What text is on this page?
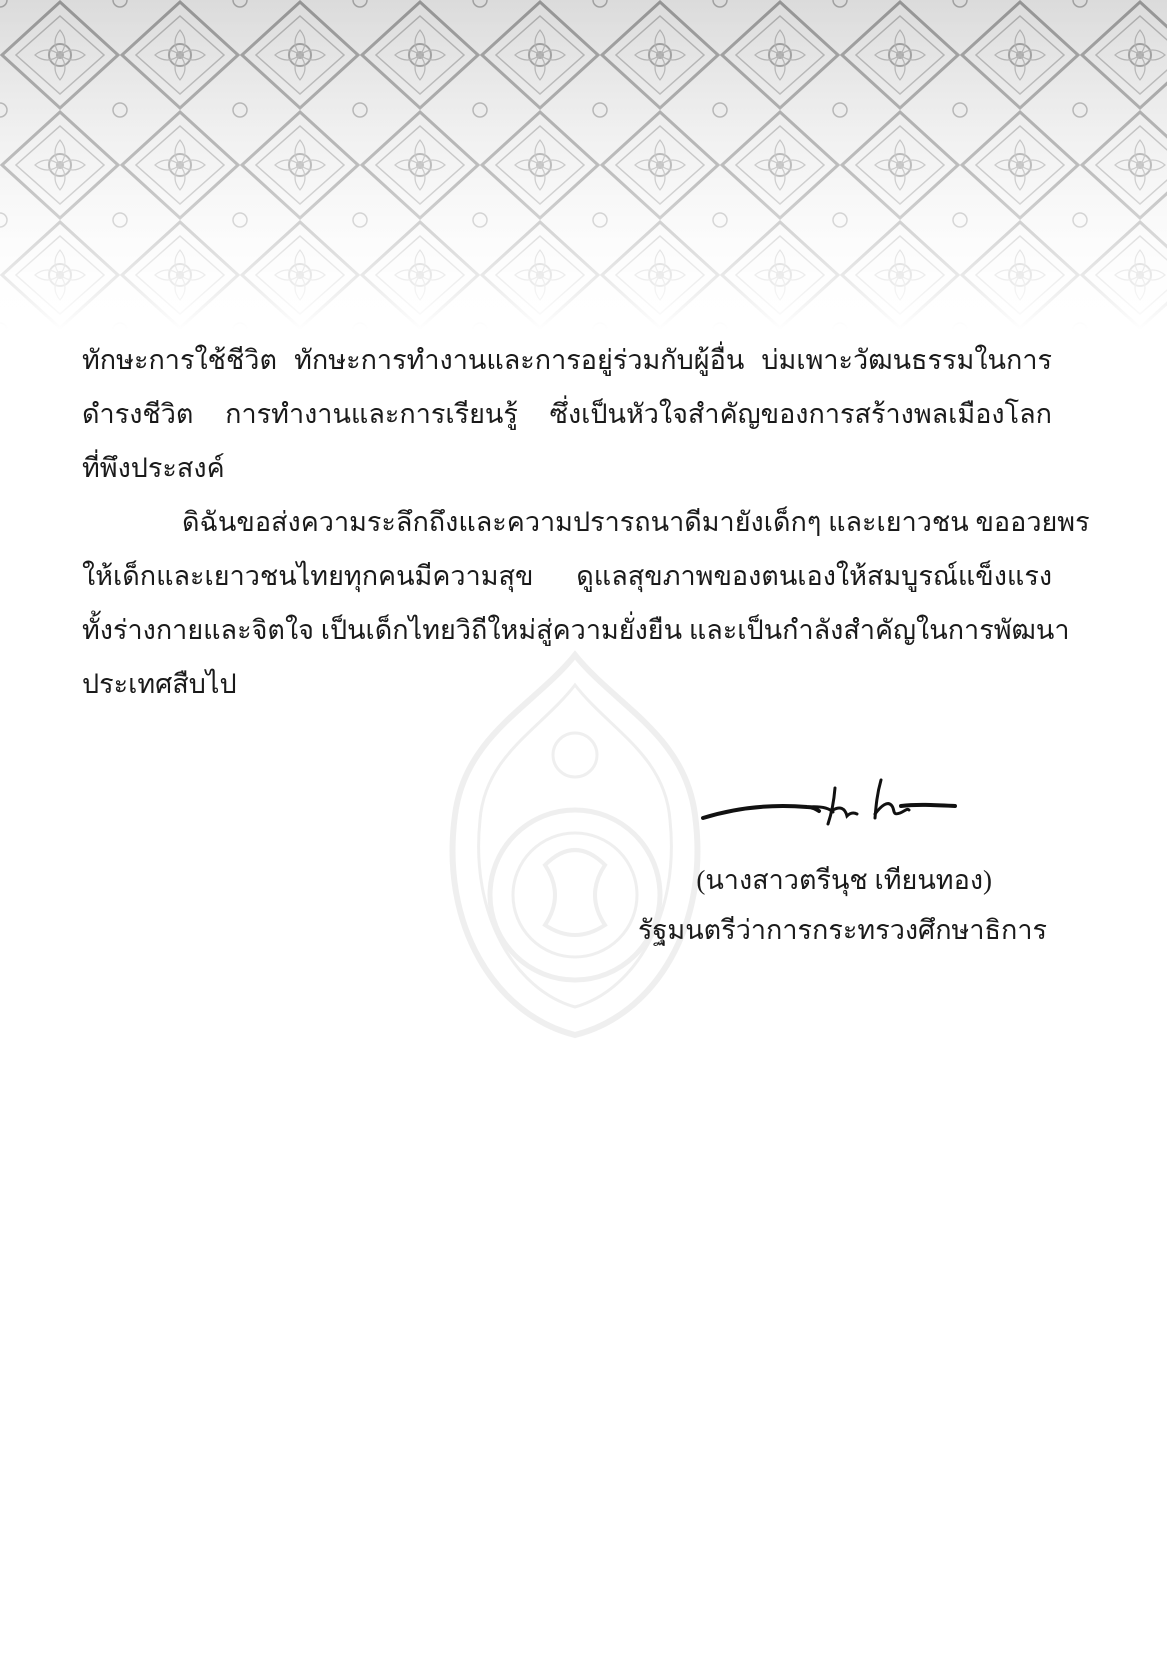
ทักษะการใช้ชีวิต ทักษะการทำงานและการอยู่ร่วมกับผู้อื่น บ่มเพาะวัฒนธรรมในการ
ดำรงชีวิต การทำงานและการเรียนรู้ ซึ่งเป็นหัวใจสำคัญของการสร้างพลเมืองโลก
ที่พึงประสงค์
ดิฉันขอส่งความระลึกถึงและความปรารถนาดีมายังเด็กๆ และเยาวชน ขออวยพร
ให้เด็กและเยาวชนไทยทุกคนมีความสุข ดูแลสุขภาพของตนเองให้สมบูรณ์แข็งแรง
ทั้งร่างกายและจิตใจ เป็นเด็กไทยวิถีใหม่สู่ความยั่งยืน และเป็นกำลังสำคัญในการพัฒนา
ประเทศสืบไป
(นางสาวตรีนุช เทียนทอง)
รัฐมนตรีว่าการกระทรวงศึกษาธิการ
